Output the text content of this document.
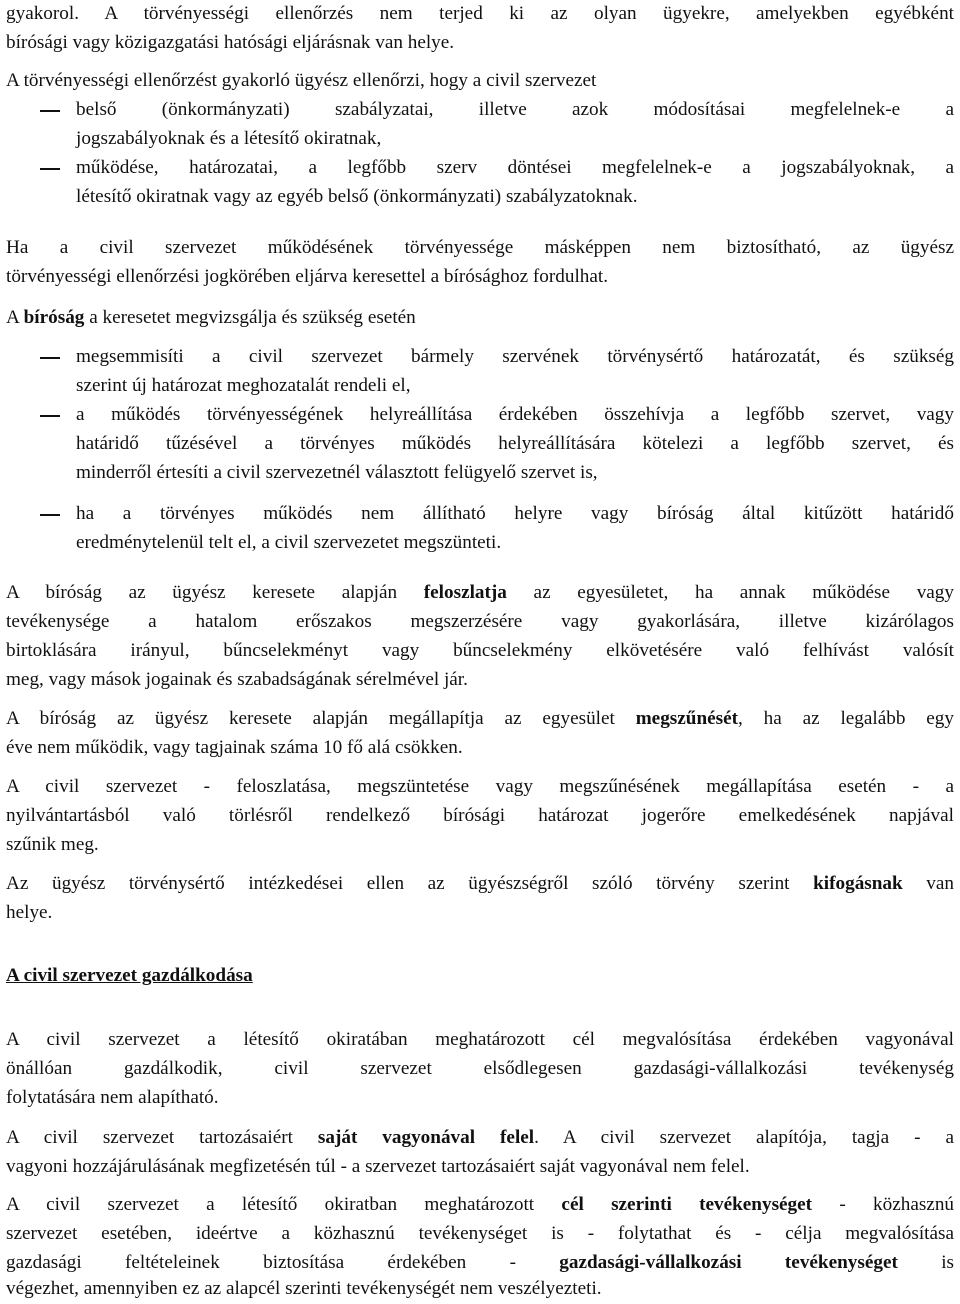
gyakorol. A törvényességi ellenőrzés nem terjed ki az olyan ügyekre, amelyekben egyébként
bírósági vagy közigazgatási hatósági eljárásnak van helye.
A törvényességi ellenőrzést gyakorló ügyész ellenőrzi, hogy a civil szervezet
belső (önkormányzati) szabályzatai, illetve azok módosításai megfelelnek-e a
jogszabályoknak és a létesítő okiratnak,
működése, határozatai, a legfőbb szerv döntései megfelelnek-e a jogszabályoknak, a
létesítő okiratnak vagy az egyéb belső (önkormányzati) szabályzatoknak.
Ha a civil szervezet működésének törvényessége másképpen nem biztosítható, az ügyész
törvényességi ellenőrzési jogkörében eljárva keresettel a bírósághoz fordulhat.
A bíróság a keresetet megvizsgálja és szükség esetén
megsemmisíti a civil szervezet bármely szervének törvénysértő határozatát, és szükség
szerint új határozat meghozatalát rendeli el,
a működés törvényességének helyreállítása érdekében összehívja a legfőbb szervet, vagy
határidő tűzésével a törvényes működés helyreállítására kötelezi a legfőbb szervet, és
minderről értesíti a civil szervezetnél választott felügyelő szervet is,
ha a törvényes működés nem állítható helyre vagy bíróság által kitűzött határidő
eredménytelenül telt el, a civil szervezetet megszünteti.
A bíróság az ügyész keresete alapján feloszlatja az egyesületet, ha annak működése vagy
tevékenysége a hatalom erőszakos megszerzésére vagy gyakorlására, illetve kizárólagos
birtoklására irányul, bűncselekményt vagy bűncselekmény elkövetésére való felhívást valósít
meg, vagy mások jogainak és szabadságának sérelmével jár.
A bíróság az ügyész keresete alapján megállapítja az egyesület megszűnését, ha az legalább egy
éve nem működik, vagy tagjainak száma 10 fő alá csökken.
A civil szervezet - feloszlatása, megszüntetése vagy megszűnésének megállapítása esetén - a
nyilvántartásból való törlésről rendelkező bírósági határozat jogerőre emelkedésének napjával
szűnik meg.
Az ügyész törvénysértő intézkedései ellen az ügyészségről szóló törvény szerint kifogásnak van
helye.
A civil szervezet gazdálkodása
A civil szervezet a létesítő okiratában meghatározott cél megvalósítása érdekében vagyonával
önállóan gazdálkodik, civil szervezet elsődlegesen gazdasági-vállalkozási tevékenység
folytatására nem alapítható.
A civil szervezet tartozásaiért saját vagyonával felel. A civil szervezet alapítója, tagja - a
vagyoni hozzájárulásának megfizetésén túl - a szervezet tartozásaiért saját vagyonával nem felel.
A civil szervezet a létesítő okiratban meghatározott cél szerinti tevékenységet - közhasznú
szervezet esetében, ideértve a közhasznú tevékenységet is - folytathat és - célja megvalósítása
gazdasági feltételeinek biztosítása érdekében - gazdasági-vállalkozási tevékenységet is
végezhet, amennyiben ez az alapcél szerinti tevékenységét nem veszélyezteti.
